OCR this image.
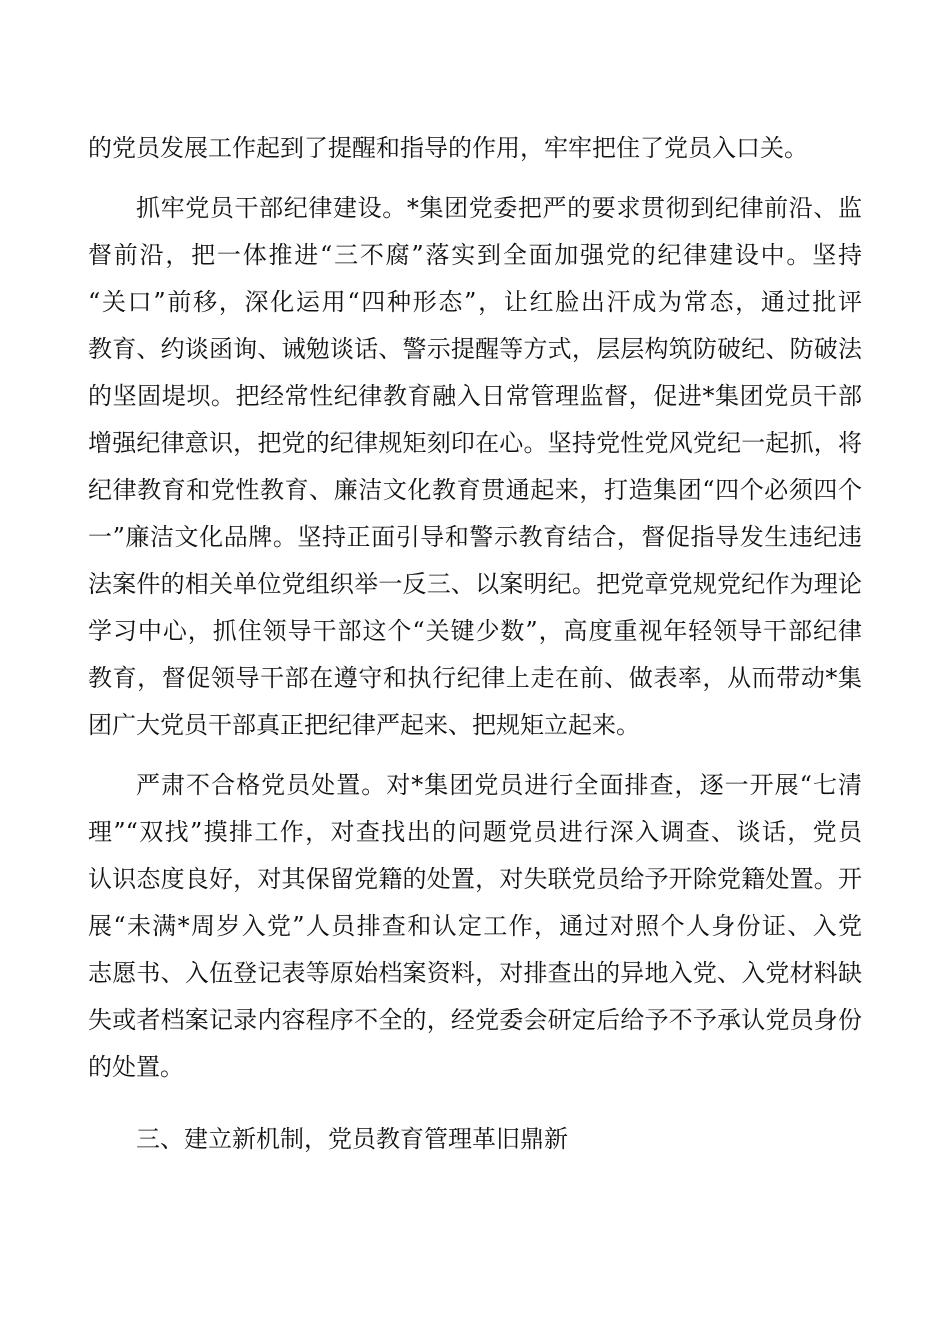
的党员发展工作起到了提醒和指导的作用，牢牢把住了党员入口关。
抓牢党员干部纪律建设。*集团党委把严的要求贯彻到纪律前沿、监
督前沿，把一体推进“三不腐”落实到全面加强党的纪律建设中。坚持
“关口”前移，深化运用“四种形态”，让红脸出汗成为常态，通过批评
教育、约谈函询、诫勉谈话、警示提醒等方式，层层构筑防破纪、防破法
的坚固堤坝。把经常性纪律教育融入日常管理监督，促进*集团党员干部
增强纪律意识，把党的纪律规矩刻印在心。坚持党性党风党纪一起抓，将
纪律教育和党性教育、廉洁文化教育贯通起来，打造集团“四个必须四个
一”廉洁文化品牌。坚持正面引导和警示教育结合，督促指导发生违纪违
法案件的相关单位党组织举一反三、以案明纪。把党章党规党纪作为理论
学习中心，抓住领导干部这个“关键少数”，高度重视年轻领导干部纪律
教育，督促领导干部在遵守和执行纪律上走在前、做表率，从而带动*集
团广大党员干部真正把纪律严起来、把规矩立起来。
严肃不合格党员处置。对*集团党员进行全面排查，逐一开展“七清
理”“双找”摸排工作，对查找出的问题党员进行深入调查、谈话，党员
认识态度良好，对其保留党籍的处置，对失联党员给予开除党籍处置。开
展“未满*周岁入党”人员排查和认定工作，通过对照个人身份证、入党
志愿书、入伍登记表等原始档案资料，对排查出的异地入党、入党材料缺
失或者档案记录内容程序不全的，经党委会研定后给予不予承认党员身份
的处置。
三、建立新机制，党员教育管理革旧鼎新
